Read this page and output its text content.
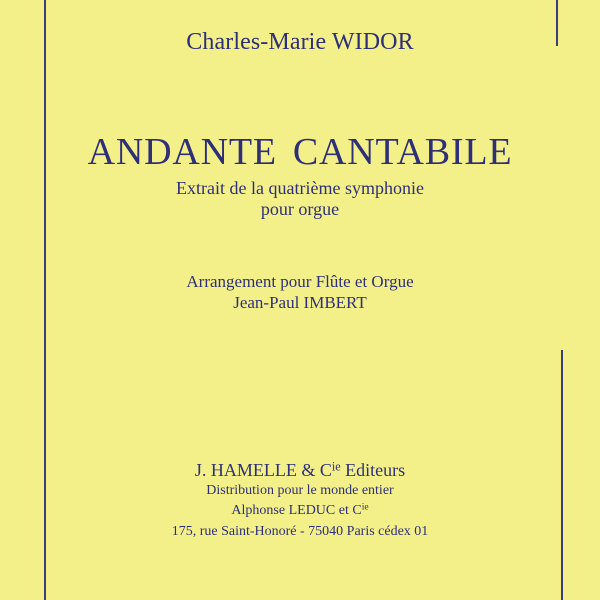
Charles-Marie WIDOR
ANDANTE CANTABILE
Extrait de la quatrième symphonie
pour orgue
Arrangement pour Flûte et Orgue
Jean-Paul IMBERT
J. HAMELLE & $C^{ie}$ Editeurs
Distribution pour le monde entier
Alphonse LEDUC et $C^{ie}$
175, rue Saint-Honoré - 75040 Paris cédex 01
